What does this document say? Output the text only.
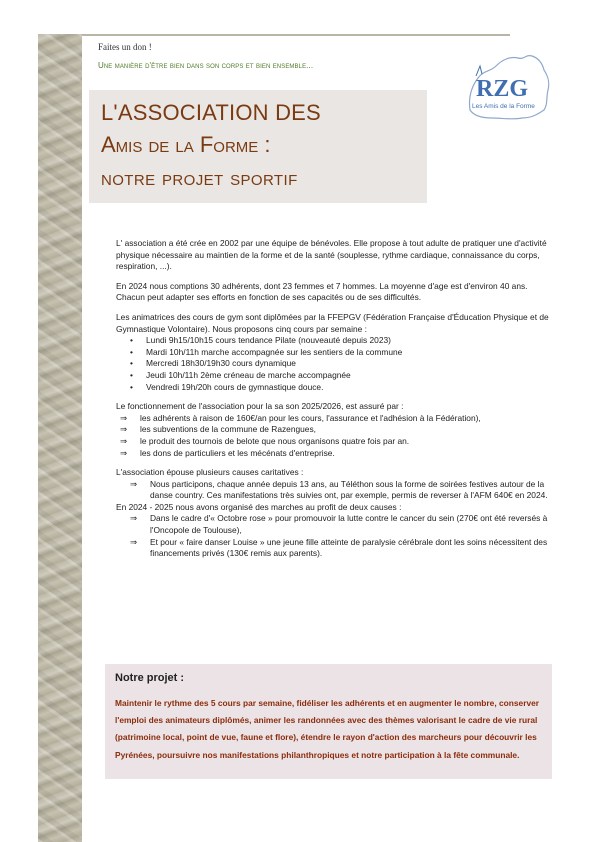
Faites un don !
Une manière d'être bien dans son corps et bien ensemble...
RZG
Les Amis de la Forme
L'ASSOCIATION DES
Amis de la Forme :
notre projet sportif

L' association a été crée en 2002 par une équipe de bénévoles. Elle propose à tout adulte de pratiquer une d'activité physique nécessaire au maintien de la forme et de la santé (souplesse, rythme cardiaque, connaissance du corps, respiration, ...).

En 2024 nous comptions 30 adhérents, dont 23 femmes et 7 hommes. La moyenne d'age est d'environ 40 ans. Chacun peut adapter ses efforts en fonction de ses capacités ou de ses difficultés.

Les animatrices des cours de gym sont diplômées par la FFEPGV (Fédération Française d'Éducation Physique et de Gymnastique Volontaire). Nous proposons cinq cours par semaine :

• Lundi 9h15/10h15 cours tendance Pilate (nouveauté depuis 2023)
• Mardi 10h/11h marche accompagnée sur les sentiers de la commune
• Mercredi 18h30/19h30 cours dynamique
• Jeudi 10h/11h 2ème créneau de marche accompagnée
• Vendredi 19h/20h cours de gymnastique douce.

Le fonctionnement de l'association pour la sa son 2025/2026, est assuré par :

⇒ les adhérents à raison de 160€/an pour les cours, l'assurance et l'adhésion à la Fédération),
⇒ les subventions de la commune de Razengues,
⇒ le produit des tournois de belote que nous organisons quatre fois par an.
⇒ les dons de particuliers et les mécénats d'entreprise.

L'association épouse plusieurs causes caritatives :

⇒ Nous participons, chaque année depuis 13 ans, au Téléthon sous la forme de soirées festives autour de la danse country. Ces manifestations très suivies ont, par exemple, permis de reverser à l'AFM 640€ en 2024.

En 2024 - 2025 nous avons organisé des marches au profit de deux causes :

⇒ Dans le cadre d'« Octobre rose » pour promouvoir la lutte contre le cancer du sein (270€ ont été reversés à l'Oncopole de Toulouse),
⇒ Et pour « faire danser Louise » une jeune fille atteinte de paralysie cérébrale dont les soins nécessitent des financements privés (130€ remis aux parents).
Notre projet :
Maintenir le rythme des 5 cours par semaine, fidéliser les adhérents et en augmenter le nombre, conserver l'emploi des animateurs diplômés, animer les randonnées avec des thèmes valorisant le cadre de vie rural (patrimoine local, point de vue, faune et flore), étendre le rayon d'action des marcheurs pour découvrir les Pyrénées, poursuivre nos manifestations philanthropiques et notre participation à la fête communale.
